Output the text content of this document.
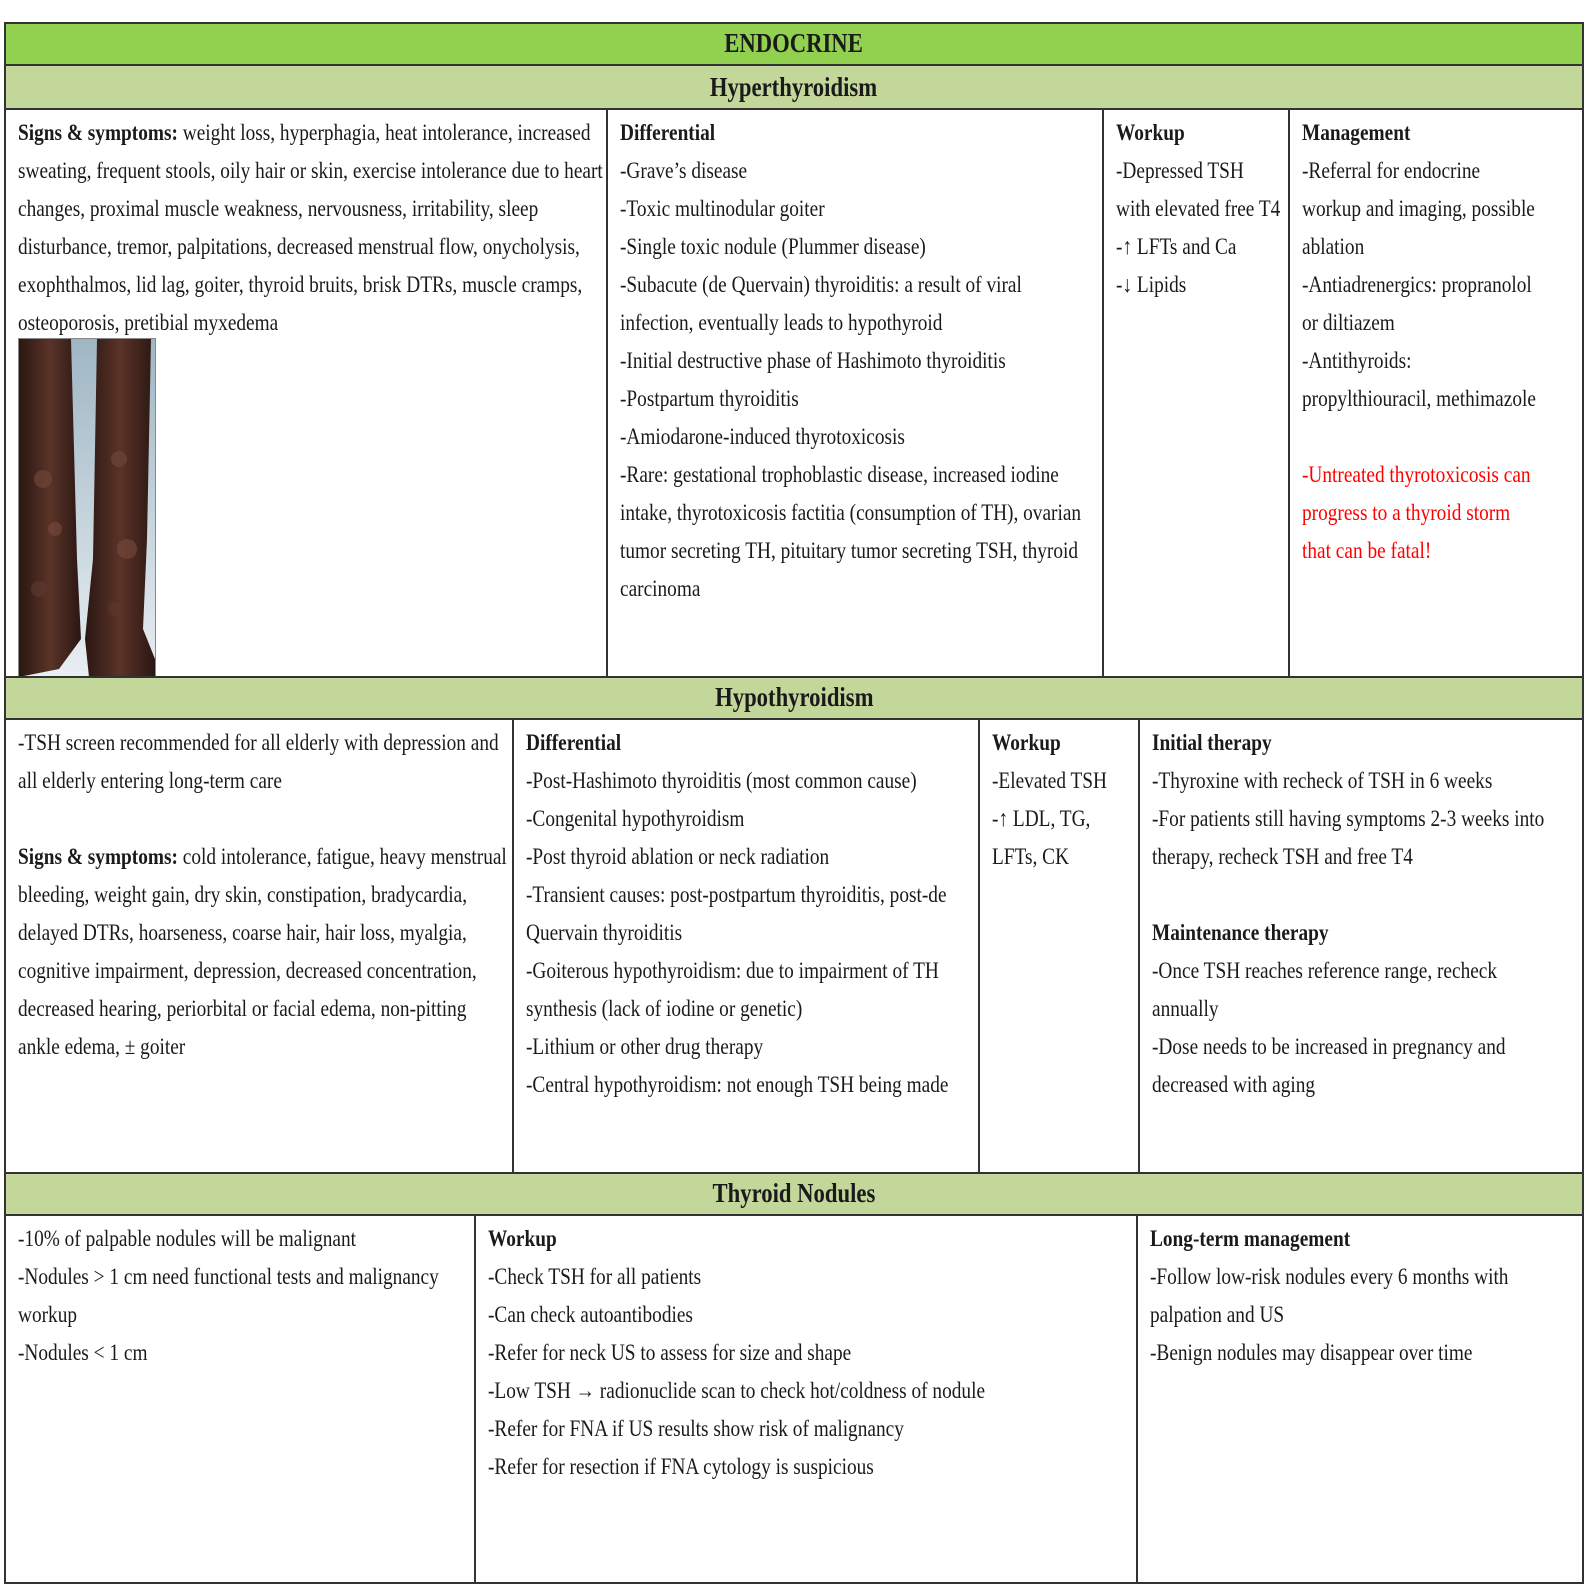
ENDOCRINE
Hyperthyroidism
Signs & symptoms: weight loss, hyperphagia, heat intolerance, increased
sweating, frequent stools, oily hair or skin, exercise intolerance due to heart
changes, proximal muscle weakness, nervousness, irritability, sleep
disturbance, tremor, palpitations, decreased menstrual flow, onycholysis,
exophthalmos, lid lag, goiter, thyroid bruits, brisk DTRs, muscle cramps,
osteoporosis, pretibial myxedema
Differential
-Grave’s disease
-Toxic multinodular goiter
-Single toxic nodule (Plummer disease)
-Subacute (de Quervain) thyroiditis: a result of viral
infection, eventually leads to hypothyroid
-Initial destructive phase of Hashimoto thyroiditis
-Postpartum thyroiditis
-Amiodarone-induced thyrotoxicosis
-Rare: gestational trophoblastic disease, increased iodine
intake, thyrotoxicosis factitia (consumption of TH), ovarian
tumor secreting TH, pituitary tumor secreting TSH, thyroid
carcinoma
Workup
-Depressed TSH
with elevated free T4
-↑ LFTs and Ca
-↓ Lipids
Management
-Referral for endocrine
workup and imaging, possible
ablation
-Antiadrenergics: propranolol
or diltiazem
-Antithyroids:
propylthiouracil, methimazole
-Untreated thyrotoxicosis can
progress to a thyroid storm
that can be fatal!
Hypothyroidism
-TSH screen recommended for all elderly with depression and
all elderly entering long-term care
Signs & symptoms: cold intolerance, fatigue, heavy menstrual
bleeding, weight gain, dry skin, constipation, bradycardia,
delayed DTRs, hoarseness, coarse hair, hair loss, myalgia,
cognitive impairment, depression, decreased concentration,
decreased hearing, periorbital or facial edema, non-pitting
ankle edema, ± goiter
Differential
-Post-Hashimoto thyroiditis (most common cause)
-Congenital hypothyroidism
-Post thyroid ablation or neck radiation
-Transient causes: post-postpartum thyroiditis, post-de
Quervain thyroiditis
-Goiterous hypothyroidism: due to impairment of TH
synthesis (lack of iodine or genetic)
-Lithium or other drug therapy
-Central hypothyroidism: not enough TSH being made
Workup
-Elevated TSH
-↑ LDL, TG,
LFTs, CK
Initial therapy
-Thyroxine with recheck of TSH in 6 weeks
-For patients still having symptoms 2-3 weeks into
therapy, recheck TSH and free T4
Maintenance therapy
-Once TSH reaches reference range, recheck
annually
-Dose needs to be increased in pregnancy and
decreased with aging
Thyroid Nodules
-10% of palpable nodules will be malignant
-Nodules > 1 cm need functional tests and malignancy
workup
-Nodules < 1 cm
Workup
-Check TSH for all patients
-Can check autoantibodies
-Refer for neck US to assess for size and shape
-Low TSH → radionuclide scan to check hot/coldness of nodule
-Refer for FNA if US results show risk of malignancy
-Refer for resection if FNA cytology is suspicious
Long-term management
-Follow low-risk nodules every 6 months with
palpation and US
-Benign nodules may disappear over time
